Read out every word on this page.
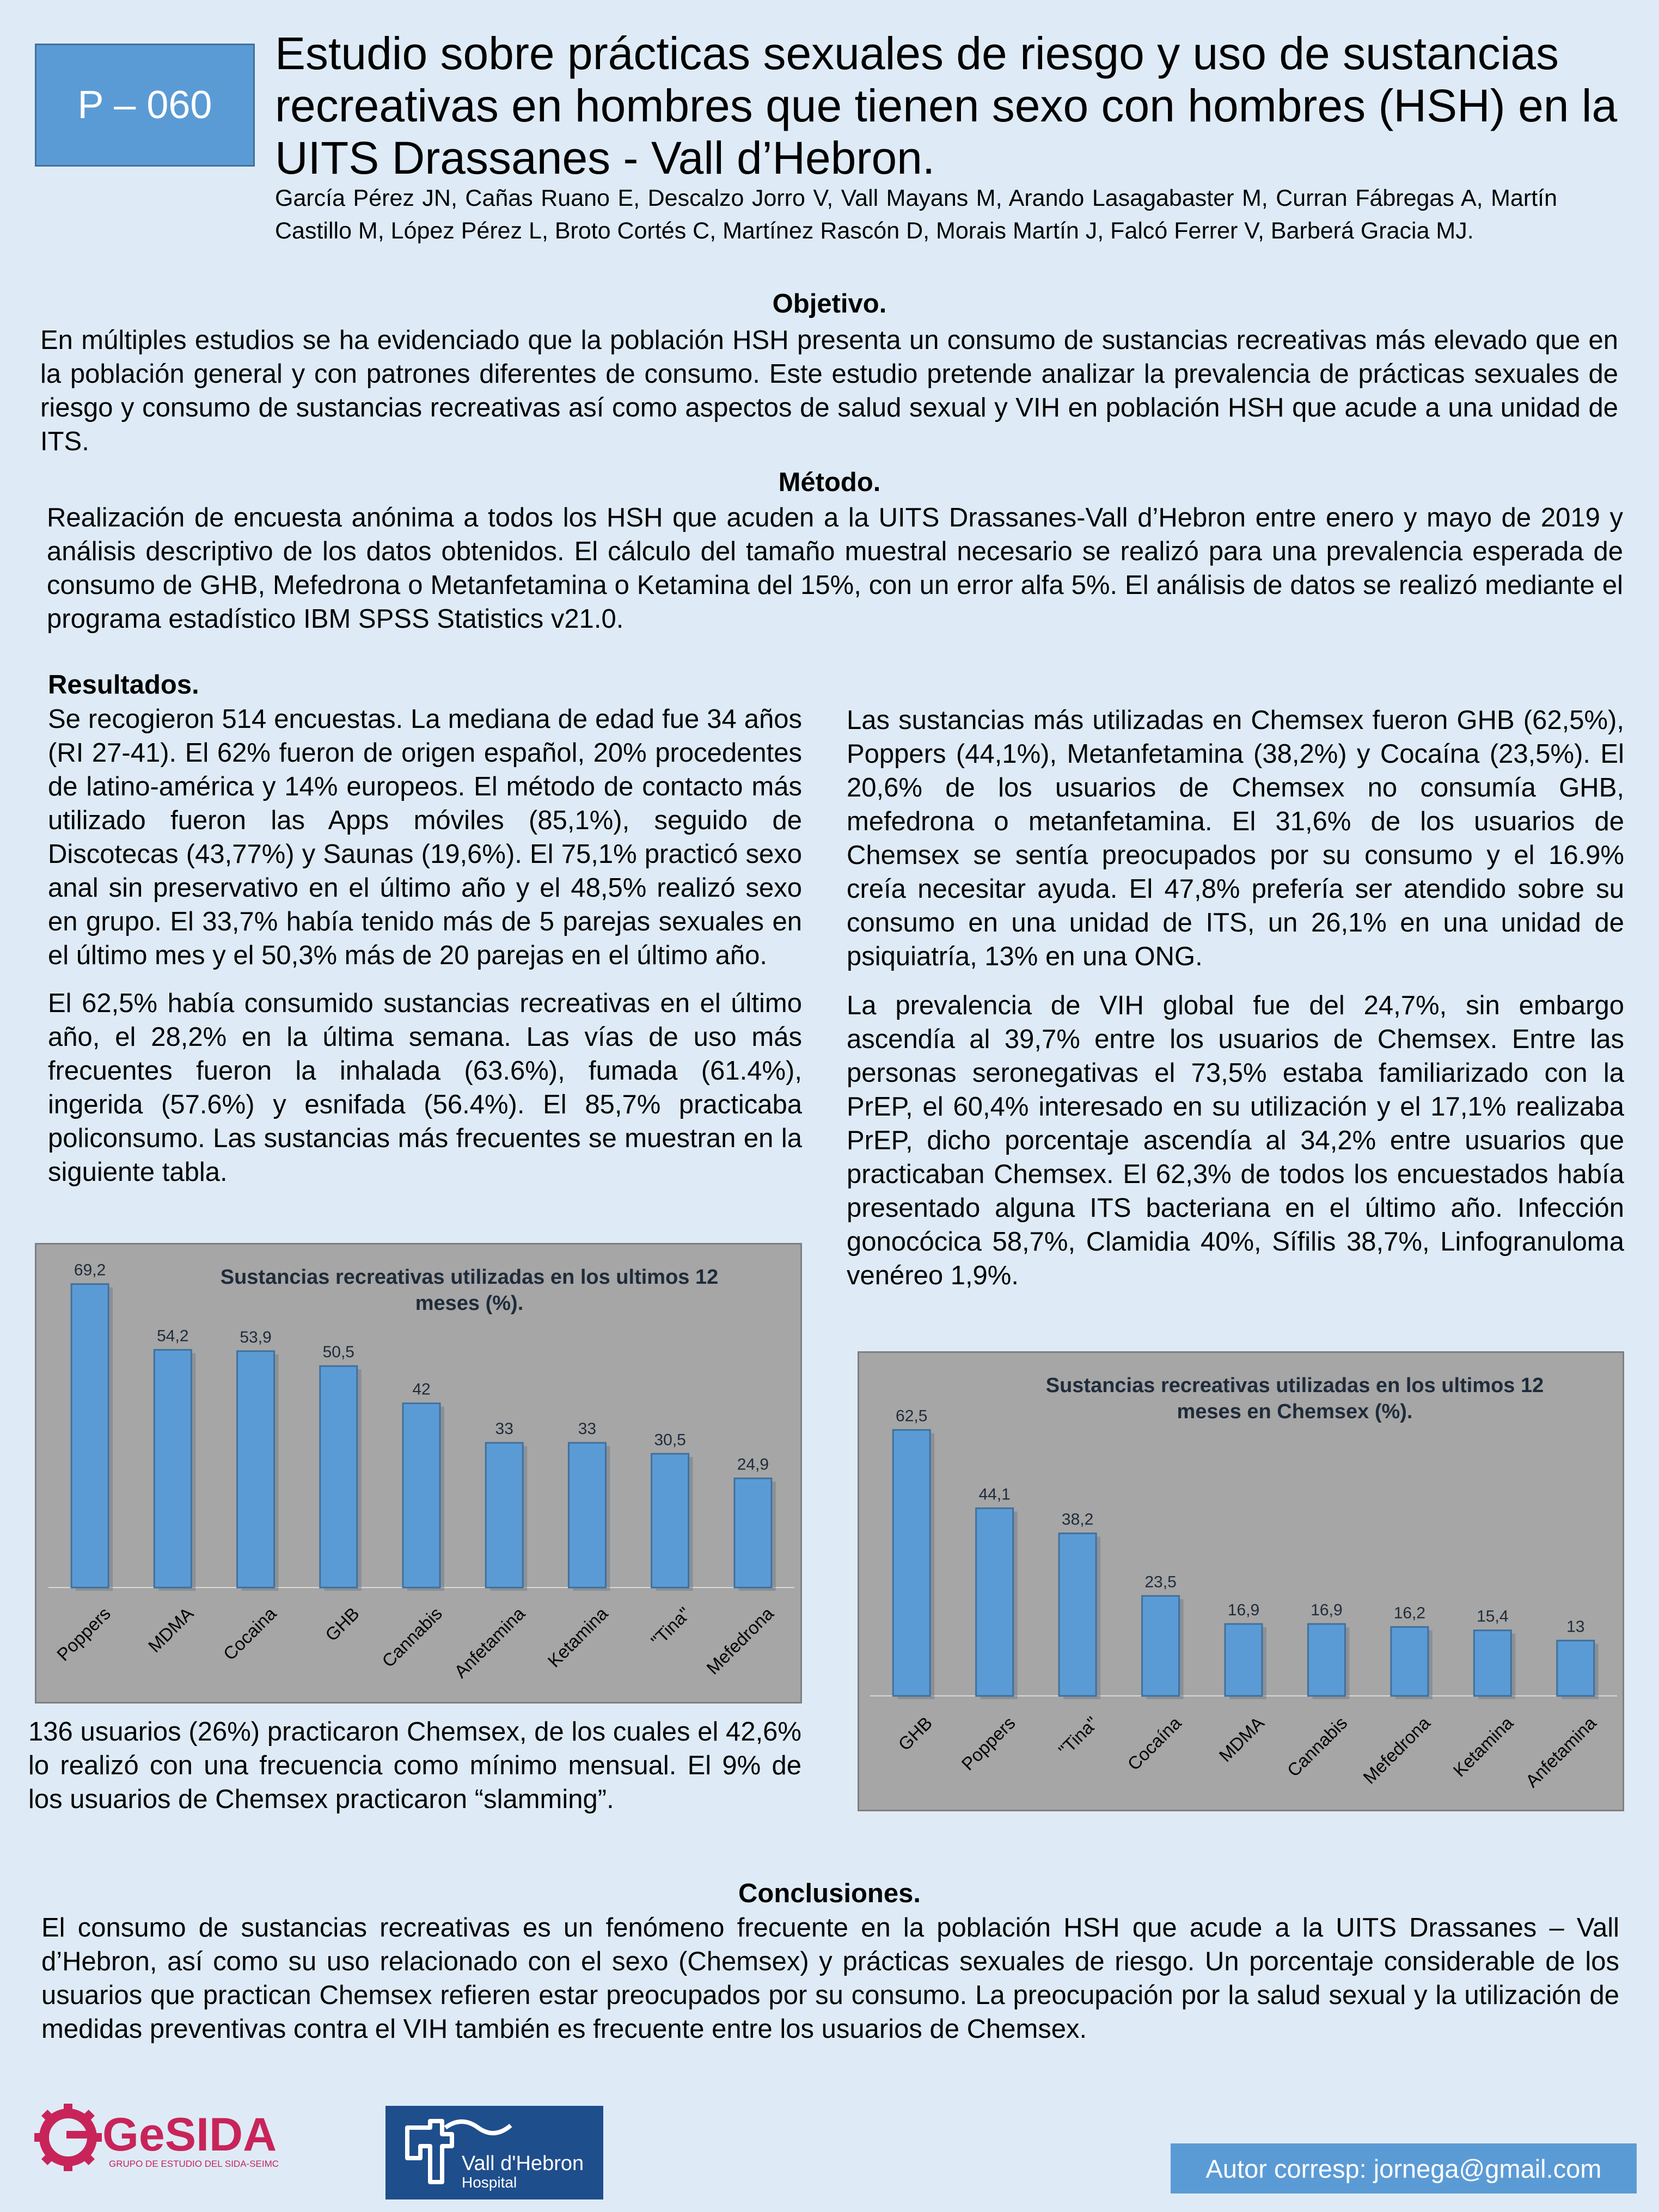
P – 060
Estudio sobre prácticas sexuales de riesgo y uso de sustancias recreativas en hombres que tienen sexo con hombres (HSH) en la UITS Drassanes - Vall d’Hebron.
García Pérez JN, Cañas Ruano E, Descalzo Jorro V, Vall Mayans M, Arando Lasagabaster M, Curran Fábregas A, Martín Castillo M, López Pérez L, Broto Cortés C, Martínez Rascón D, Morais Martín J, Falcó Ferrer V, Barberá Gracia MJ.
Objetivo.
En múltiples estudios se ha evidenciado que la población HSH presenta un consumo de sustancias recreativas más elevado que en la población general y con patrones diferentes de consumo. Este estudio pretende analizar la prevalencia de prácticas sexuales de riesgo y consumo de sustancias recreativas así como aspectos de salud sexual y VIH en población HSH que acude a una unidad de ITS.
Método.
Realización de encuesta anónima a todos los HSH que acuden a la UITS Drassanes-Vall d’Hebron entre enero y mayo de 2019 y análisis descriptivo de los datos obtenidos. El cálculo del tamaño muestral necesario se realizó para una prevalencia esperada de consumo de GHB, Mefedrona o Metanfetamina o Ketamina del 15%, con un error alfa 5%. El análisis de datos se realizó mediante el programa estadístico IBM SPSS Statistics v21.0.
Resultados.

Se recogieron 514 encuestas. La mediana de edad fue 34 años (RI 27-41). El 62% fueron de origen español, 20% procedentes de latino-américa y 14% europeos. El método de contacto más utilizado fueron las Apps móviles (85,1%), seguido de Discotecas (43,77%) y Saunas (19,6%). El 75,1% practicó sexo anal sin preservativo en el último año y el 48,5% realizó sexo en grupo. El 33,7% había tenido más de 5 parejas sexuales en el último mes y el 50,3% más de 20 parejas en el último año.

El 62,5% había consumido sustancias recreativas en el último año, el 28,2% en la última semana. Las vías de uso más frecuentes fueron la inhalada (63.6%), fumada (61.4%), ingerida (57.6%) y esnifada (56.4%). El 85,7% practicaba policonsumo. Las sustancias más frecuentes se muestran en la siguiente tabla.

Las sustancias más utilizadas en Chemsex fueron GHB (62,5%), Poppers (44,1%), Metanfetamina (38,2%) y Cocaína (23,5%). El 20,6% de los usuarios de Chemsex no consumía GHB, mefedrona o metanfetamina. El 31,6% de los usuarios de Chemsex se sentía preocupados por su consumo y el 16.9% creía necesitar ayuda. El 47,8% prefería ser atendido sobre su consumo en una unidad de ITS, un 26,1% en una unidad de psiquiatría, 13% en una ONG.

La prevalencia de VIH global fue del 24,7%, sin embargo ascendía al 39,7% entre los usuarios de Chemsex. Entre las personas seronegativas el 73,5% estaba familiarizado con la PrEP, el 60,4% interesado en su utilización y el 17,1% realizaba PrEP, dicho porcentaje ascendía al 34,2% entre usuarios que practicaban Chemsex. El 62,3% de todos los encuestados había presentado alguna ITS bacteriana en el último año. Infección gonocócica 58,7%, Clamidia 40%, Sífilis 38,7%, Linfogranuloma venéreo 1,9%.

Sustancias recreativas utilizadas en los ultimos 12
meses (%).
69,2
Poppers
54,2
MDMA
53,9
Cocaina
50,5
GHB
42
Cannabis
33
Anfetamina
33
Ketamina
30,5
"Tina"
24,9
Mefedrona
136 usuarios (26%) practicaron Chemsex, de los cuales el 42,6% lo realizó con una frecuencia como mínimo mensual. El 9% de los usuarios de Chemsex practicaron “slamming”.
Sustancias recreativas utilizadas en los ultimos 12
meses en Chemsex (%).
62,5
GHB
44,1
Poppers
38,2
"Tina"
23,5
Cocaína
16,9
MDMA
16,9
Cannabis
16,2
Mefedrona
15,4
Ketamina
13
Anfetamina
Conclusiones.
El consumo de sustancias recreativas es un fenómeno frecuente en la población HSH que acude a la UITS Drassanes – Vall d’Hebron, así como su uso relacionado con el sexo (Chemsex) y prácticas sexuales de riesgo. Un porcentaje considerable de los usuarios que practican Chemsex refieren estar preocupados por su consumo. La preocupación por la salud sexual y la utilización de medidas preventivas contra el VIH también es frecuente entre los usuarios de Chemsex.
GeSIDA
GRUPO DE ESTUDIO DEL SIDA-SEIMC	Vall d'Hebron
Hospital	Autor corresp: jornega@gmail.com
